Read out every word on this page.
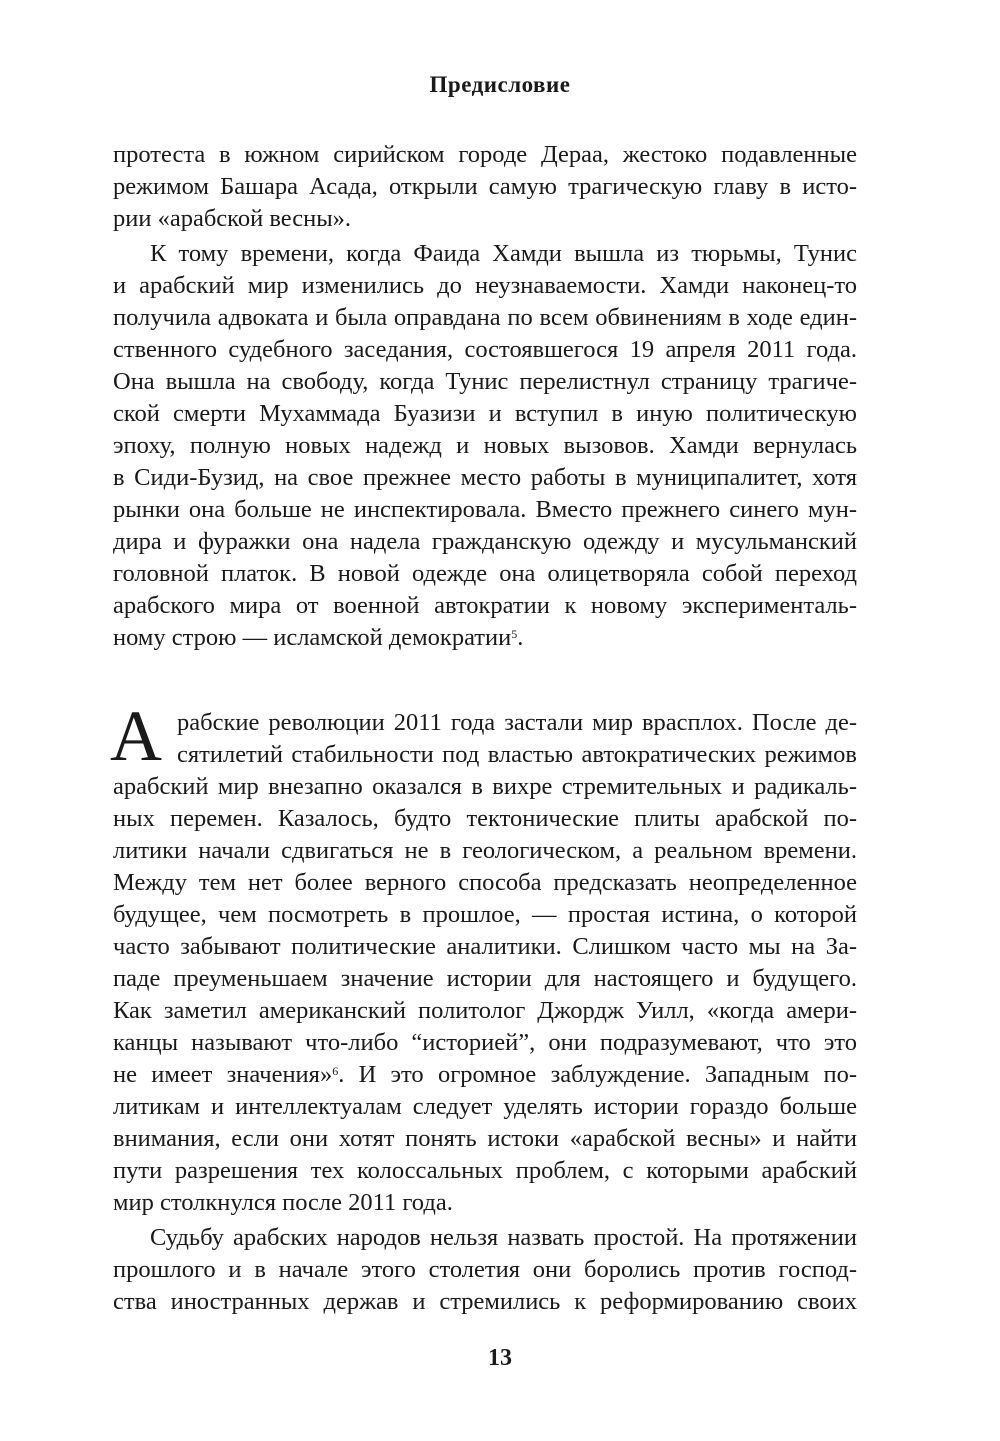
Предисловие
протеста в южном сирийском городе Дераа, жестоко подавленные
режимом Башара Асада, открыли самую трагическую главу в исто-
рии «арабской весны».
К тому времени, когда Фаида Хамди вышла из тюрьмы, Тунис
и арабский мир изменились до неузнаваемости. Хамди наконец-то
получила адвоката и была оправдана по всем обвинениям в ходе един-
ственного судебного заседания, состоявшегося 19 апреля 2011 года.
Она вышла на свободу, когда Тунис перелистнул страницу трагиче-
ской смерти Мухаммада Буазизи и вступил в иную политическую
эпоху, полную новых надежд и новых вызовов. Хамди вернулась
в Сиди-Бузид, на свое прежнее место работы в муниципалитет, хотя
рынки она больше не инспектировала. Вместо прежнего синего мун-
дира и фуражки она надела гражданскую одежду и мусульманский
головной платок. В новой одежде она олицетворяла собой переход
арабского мира от военной автократии к новому эксперименталь-
ному строю — исламской демократии$^5$.
А рабские революции 2011 года застали мир врасплох. После де-
сятилетий стабильности под властью автократических режимов
арабский мир внезапно оказался в вихре стремительных и радикаль-
ных перемен. Казалось, будто тектонические плиты арабской по-
литики начали сдвигаться не в геологическом, а реальном времени.
Между тем нет более верного способа предсказать неопределенное
будущее, чем посмотреть в прошлое, — простая истина, о которой
часто забывают политические аналитики. Слишком часто мы на За-
паде преуменьшаем значение истории для настоящего и будущего.
Как заметил американский политолог Джордж Уилл, «когда амери-
канцы называют что-либо “историей”, они подразумевают, что это
не имеет значения»$^6$. И это огромное заблуждение. Западным по-
литикам и интеллектуалам следует уделять истории гораздо больше
внимания, если они хотят понять истоки «арабской весны» и найти
пути разрешения тех колоссальных проблем, с которыми арабский
мир столкнулся после 2011 года.
Судьбу арабских народов нельзя назвать простой. На протяжении
прошлого и в начале этого столетия они боролись против господ-
ства иностранных держав и стремились к реформированию своих
13
